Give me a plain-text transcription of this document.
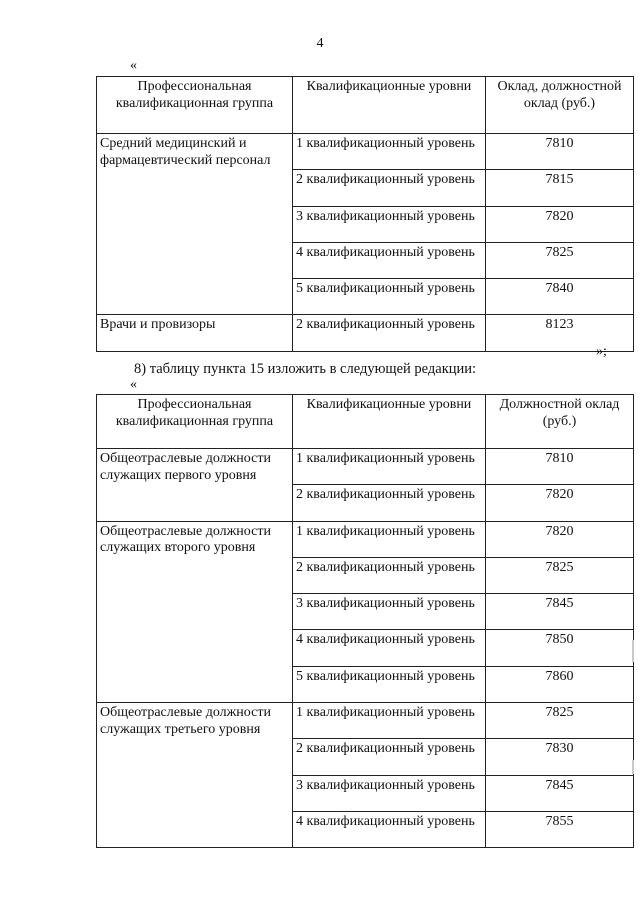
4
«
Профессиональная квалификационная группа	Квалификационные уровни	Оклад, должностной оклад (руб.)
Средний медицинский и фармацевтический персонал	1 квалификационный уровень	7810
	2 квалификационный уровень	7815
	3 квалификационный уровень	7820
	4 квалификационный уровень	7825
	5 квалификационный уровень	7840
Врачи и провизоры	2 квалификационный уровень	8123
»;
8) таблицу пункта 15 изложить в следующей редакции:
«
Профессиональная квалификационная группа	Квалификационные уровни	Должностной оклад (руб.)
Общеотраслевые должности служащих первого уровня	1 квалификационный уровень	7810
	2 квалификационный уровень	7820
Общеотраслевые должности служащих второго уровня	1 квалификационный уровень	7820
	2 квалификационный уровень	7825
	3 квалификационный уровень	7845
	4 квалификационный уровень	7850
	5 квалификационный уровень	7860
Общеотраслевые должности служащих третьего уровня	1 квалификационный уровень	7825
	2 квалификационный уровень	7830
	3 квалификационный уровень	7845
	4 квалификационный уровень	7855
